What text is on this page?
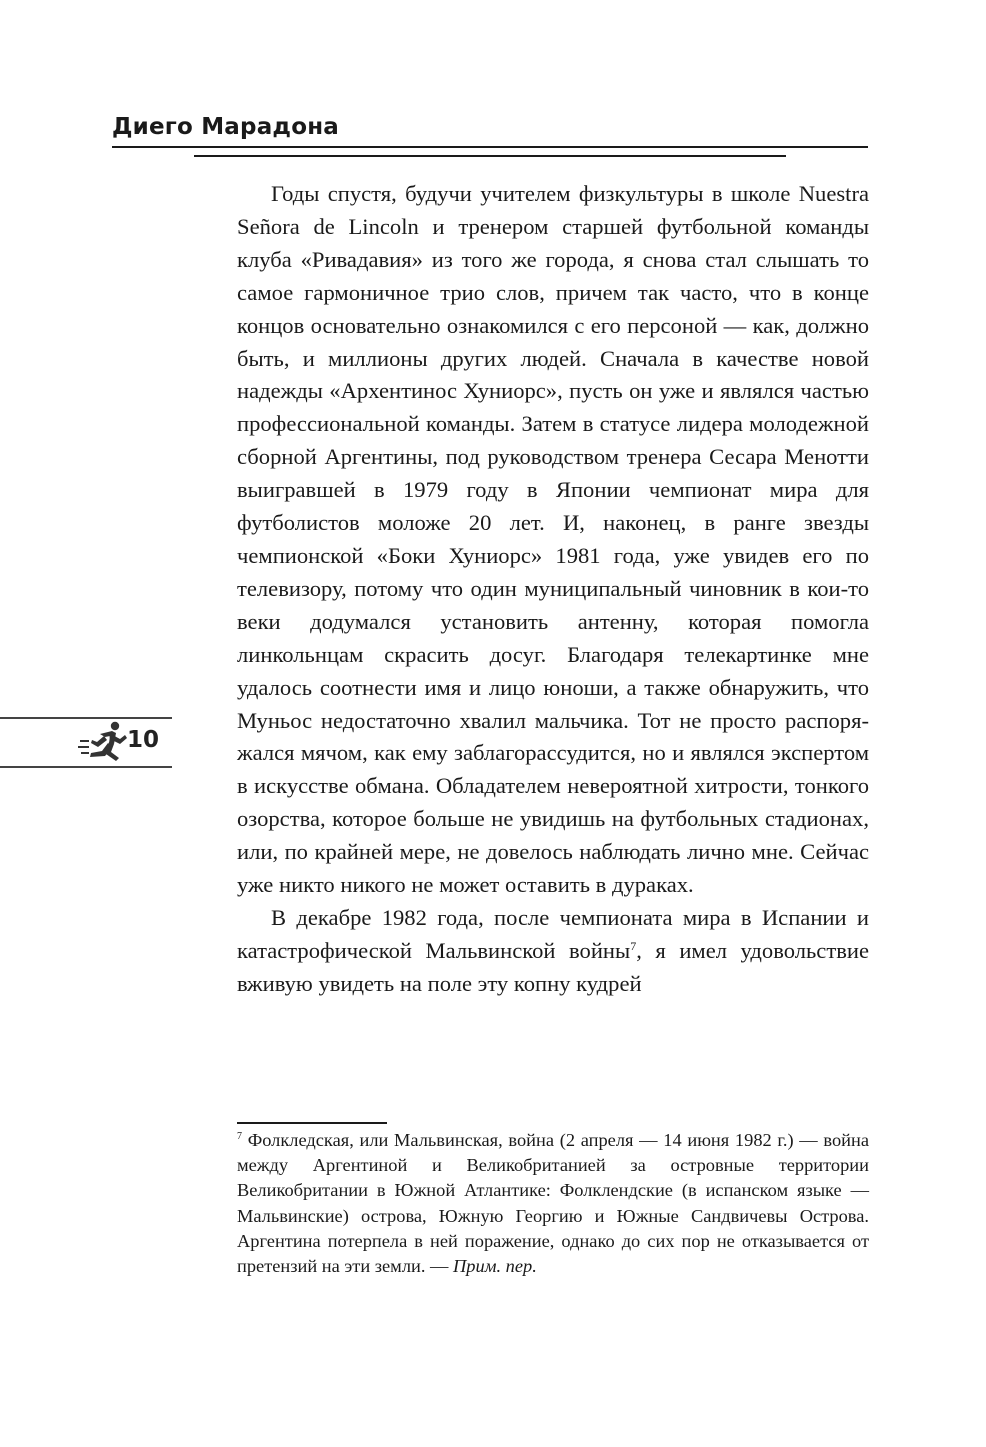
Диего Марадона

Годы спустя, будучи учителем физкультуры в школе Nuestra Señora de Lincoln и тренером старшей футбольной команды клуба «Ривадавия» из того же города, я снова стал слышать то самое гармоничное трио слов, причем так часто, что в конце концов основательно ознакомился с его персоной — как, должно быть, и миллионы других людей. Сначала в качестве новой надежды «Архентинос Хуниорс», пусть он уже и являлся частью профессиональной команды. Затем в статусе лидера молодежной сборной Аргентины, под руководством тренера Сесара Менотти выигравшей в 1979 году в Японии чемпионат мира для футболистов моложе 20 лет. И, наконец, в ранге звезды чемпионской «Боки Хуниорс» 1981 года, уже увидев его по телевизору, потому что один муниципальный чиновник в кои-то веки додумался установить антенну, которая помогла линкольнцам скрасить досуг. Благодаря телекартинке мне удалось соотнести имя и лицо юноши, а также обнаружить, что Муньос недостаточно хвалил мальчика. Тот не просто распоряжался мячом, как ему заблагорассудится, но и являлся экспертом в искусстве обмана. Обладателем невероятной хитрости, тонкого озорства, которое больше не увидишь на футбольных стадионах, или, по крайней мере, не довелось наблюдать лично мне. Сейчас уже никто никого не может оставить в дураках.

В декабре 1982 года, после чемпионата мира в Испании и катастрофической Мальвинской войны$^7$, я имел удовольствие вживую увидеть на поле эту копну кудрей

10
$^7$ Фолкледская, или Мальвинская, война (2 апреля — 14 июня 1982 г.) — война между Аргентиной и Великобританией за островные территории Великобритании в Южной Атлантике: Фолклендские (в испанском языке — Мальвинские) острова, Южную Георгию и Южные Сандвичевы Острова. Аргентина потерпела в ней поражение, однако до сих пор не отказывается от претензий на эти земли. — Прим. пер.
